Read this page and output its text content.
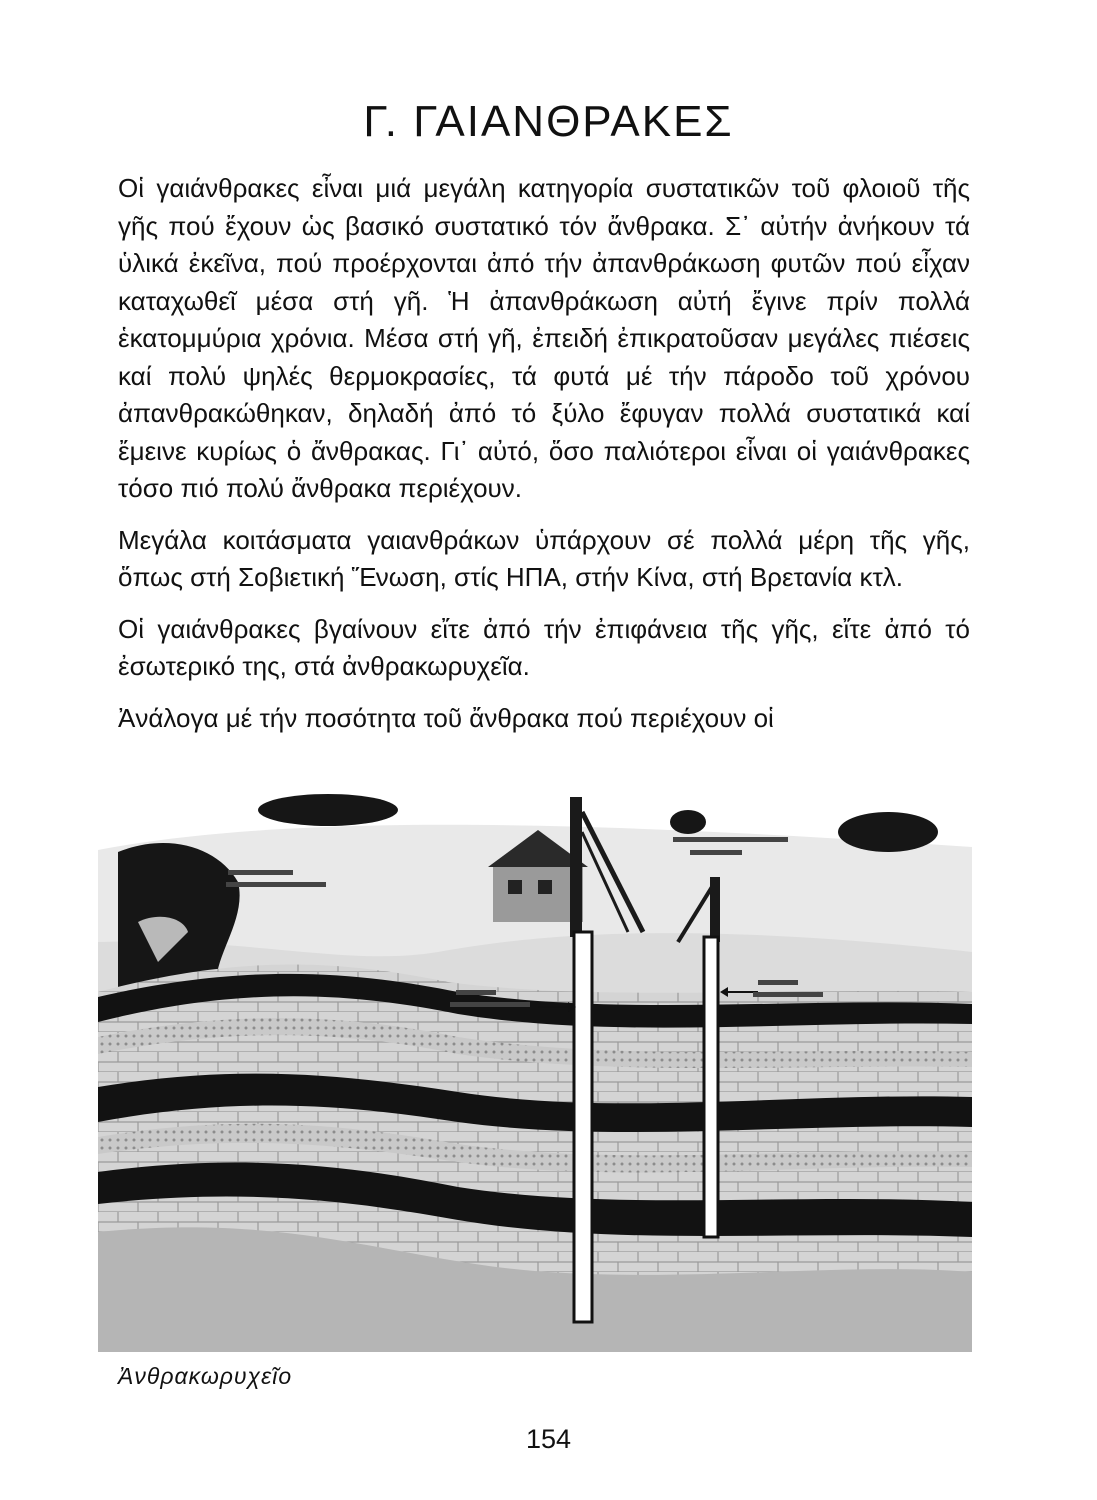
Γ. ΓΑΙΑΝΘΡΑΚΕΣ

Οἱ γαιάνθρακες εἶναι μιά μεγάλη κατηγορία συστατικῶν τοῦ φλοιοῦ τῆς γῆς πού ἔχουν ὡς βασικό συστατικό τόν ἄνθρακα. Σ᾽ αὐτήν ἀνήκουν τά ὑλικά ἐκεῖνα, πού προέρχονται ἀπό τήν ἀπανθράκωση φυτῶν πού εἶχαν καταχωθεῖ μέσα στή γῆ. Ἡ ἀπανθράκωση αὐτή ἔγινε πρίν πολλά ἑκατομμύρια χρόνια. Μέσα στή γῆ, ἐπειδή ἐπικρατοῦσαν μεγάλες πιέσεις καί πολύ ψηλές θερμοκρασίες, τά φυτά μέ τήν πάροδο τοῦ χρόνου ἀπανθρακώθηκαν, δηλαδή ἀπό τό ξύλο ἔφυγαν πολλά συστατικά καί ἔμεινε κυρίως ὁ ἄνθρακας. Γι᾽ αὐτό, ὅσο παλιότεροι εἶναι οἱ γαιάνθρακες τόσο πιό πολύ ἄνθρακα περιέχουν.

Μεγάλα κοιτάσματα γαιανθράκων ὑπάρχουν σέ πολλά μέρη τῆς γῆς, ὅπως στή Σοβιετική Ἕνωση, στίς ΗΠΑ, στήν Κίνα, στή Βρετανία κτλ.

Οἱ γαιάνθρακες βγαίνουν εἴτε ἀπό τήν ἐπιφάνεια τῆς γῆς, εἴτε ἀπό τό ἐσωτερικό της, στά ἀνθρακωρυχεῖα.

Ἀνάλογα μέ τήν ποσότητα τοῦ ἄνθρακα πού περιέχουν οἱ

Ἀνθρακωρυχεῖο
154
